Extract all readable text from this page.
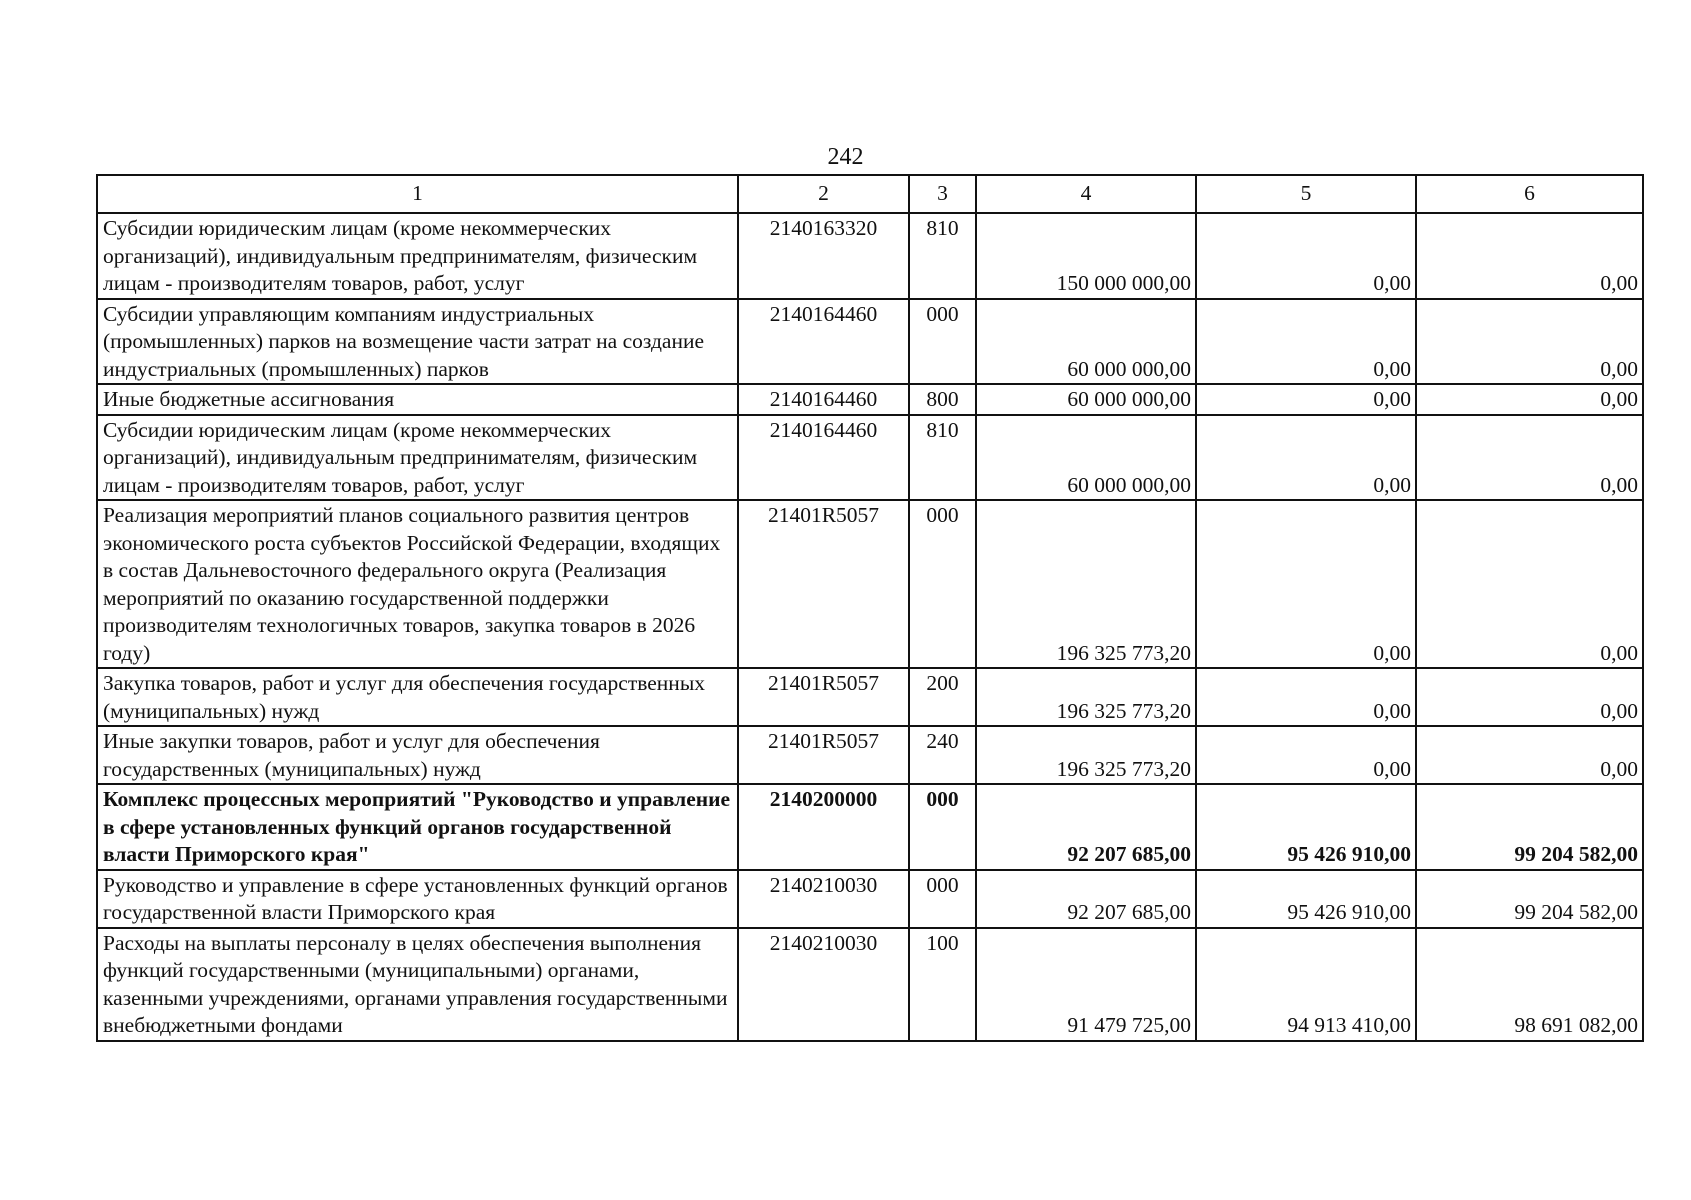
242
1	2	3	4	5	6
Субсидии юридическим лицам (кроме некоммерческих организаций), индивидуальным предпринимателям, физическим лицам - производителям товаров, работ, услуг	2140163320	810	150 000 000,00	0,00	0,00
Субсидии управляющим компаниям индустриальных (промышленных) парков на возмещение части затрат на создание индустриальных (промышленных) парков	2140164460	000	60 000 000,00	0,00	0,00
Иные бюджетные ассигнования	2140164460	800	60 000 000,00	0,00	0,00
Субсидии юридическим лицам (кроме некоммерческих организаций), индивидуальным предпринимателям, физическим лицам - производителям товаров, работ, услуг	2140164460	810	60 000 000,00	0,00	0,00
Реализация мероприятий планов социального развития центров экономического роста субъектов Российской Федерации, входящих в состав Дальневосточного федерального округа (Реализация мероприятий по оказанию государственной поддержки производителям технологичных товаров, закупка товаров в 2026 году)	21401R5057	000	196 325 773,20	0,00	0,00
Закупка товаров, работ и услуг для обеспечения государственных (муниципальных) нужд	21401R5057	200	196 325 773,20	0,00	0,00
Иные закупки товаров, работ и услуг для обеспечения государственных (муниципальных) нужд	21401R5057	240	196 325 773,20	0,00	0,00
Комплекс процессных мероприятий "Руководство и управление в сфере установленных функций органов государственной власти Приморского края"	2140200000	000	92 207 685,00	95 426 910,00	99 204 582,00
Руководство и управление в сфере установленных функций органов государственной власти Приморского края	2140210030	000	92 207 685,00	95 426 910,00	99 204 582,00
Расходы на выплаты персоналу в целях обеспечения выполнения функций государственными (муниципальными) органами, казенными учреждениями, органами управления государственными внебюджетными фондами	2140210030	100	91 479 725,00	94 913 410,00	98 691 082,00
